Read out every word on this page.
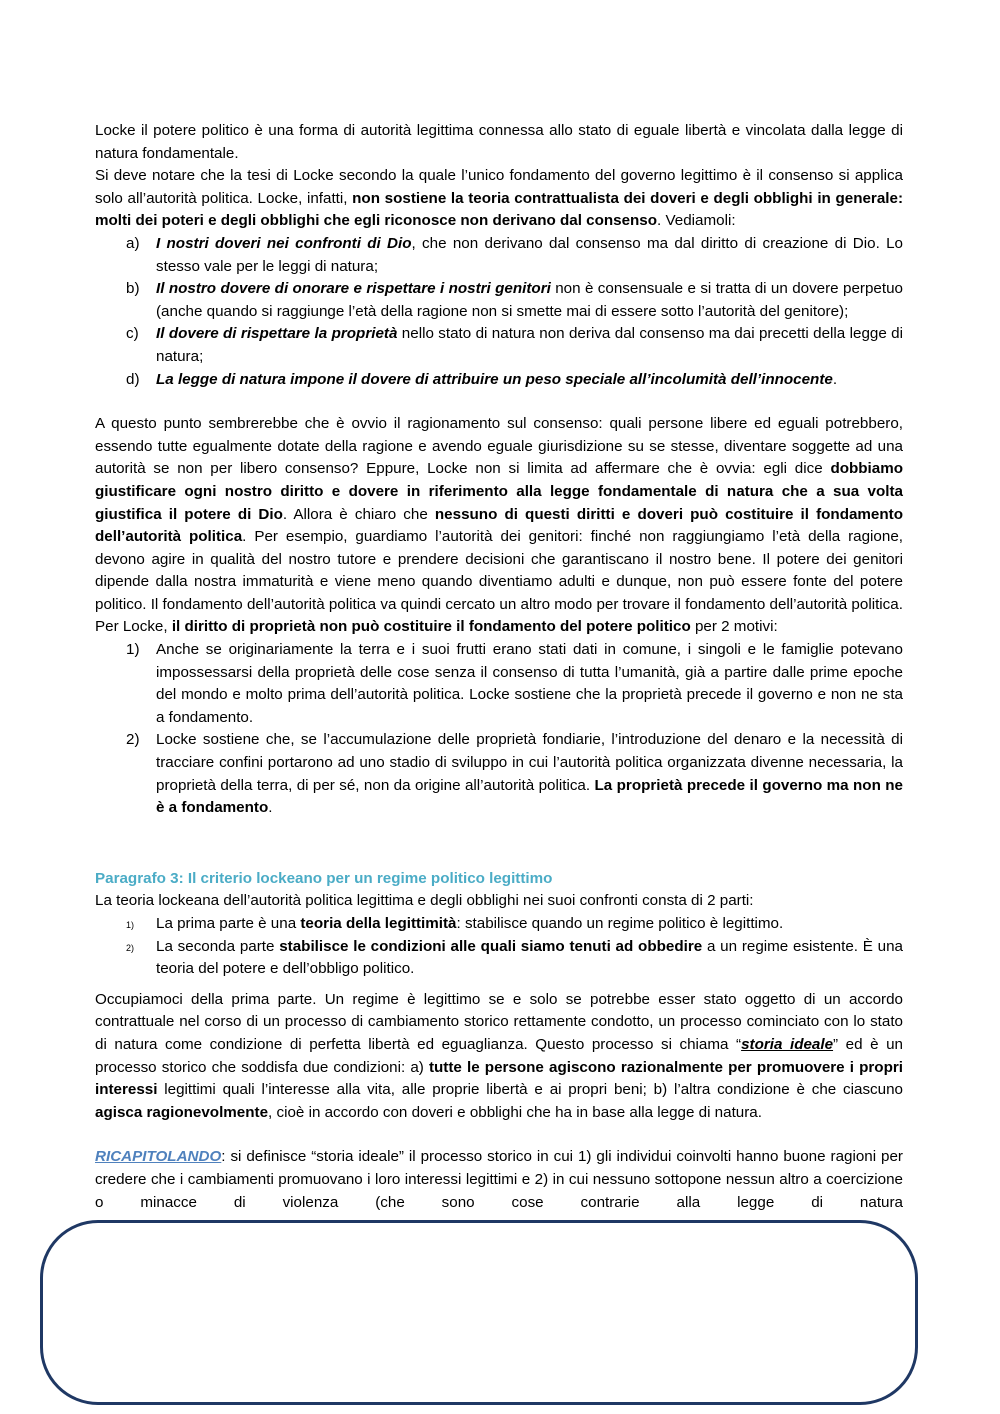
Locke il potere politico è una forma di autorità legittima connessa allo stato di eguale libertà e vincolata dalla legge di natura fondamentale.

Si deve notare che la tesi di Locke secondo la quale l’unico fondamento del governo legittimo è il consenso si applica solo all’autorità politica. Locke, infatti, non sostiene la teoria contrattualista dei doveri e degli obblighi in generale: molti dei poteri e degli obblighi che egli riconosce non derivano dal consenso. Vediamoli:

a) I nostri doveri nei confronti di Dio, che non derivano dal consenso ma dal diritto di creazione di Dio. Lo stesso vale per le leggi di natura;
b) Il nostro dovere di onorare e rispettare i nostri genitori non è consensuale e si tratta di un dovere perpetuo (anche quando si raggiunge l’età della ragione non si smette mai di essere sotto l’autorità del genitore);
c) Il dovere di rispettare la proprietà nello stato di natura non deriva dal consenso ma dai precetti della legge di natura;
d) La legge di natura impone il dovere di attribuire un peso speciale all’incolumità dell’innocente.

A questo punto sembrerebbe che è ovvio il ragionamento sul consenso: quali persone libere ed eguali potrebbero, essendo tutte egualmente dotate della ragione e avendo eguale giurisdizione su se stesse, diventare soggette ad una autorità se non per libero consenso? Eppure, Locke non si limita ad affermare che è ovvia: egli dice dobbiamo giustificare ogni nostro diritto e dovere in riferimento alla legge fondamentale di natura che a sua volta giustifica il potere di Dio. Allora è chiaro che nessuno di questi diritti e doveri può costituire il fondamento dell’autorità politica. Per esempio, guardiamo l’autorità dei genitori: finché non raggiungiamo l’età della ragione, devono agire in qualità del nostro tutore e prendere decisioni che garantiscano il nostro bene. Il potere dei genitori dipende dalla nostra immaturità e viene meno quando diventiamo adulti e dunque, non può essere fonte del potere politico. Il fondamento dell’autorità politica va quindi cercato un altro modo per trovare il fondamento dell’autorità politica.

Per Locke, il diritto di proprietà non può costituire il fondamento del potere politico per 2 motivi:

1) Anche se originariamente la terra e i suoi frutti erano stati dati in comune, i singoli e le famiglie potevano impossessarsi della proprietà delle cose senza il consenso di tutta l’umanità, già a partire dalle prime epoche del mondo e molto prima dell’autorità politica. Locke sostiene che la proprietà precede il governo e non ne sta a fondamento.
2) Locke sostiene che, se l’accumulazione delle proprietà fondiarie, l’introduzione del denaro e la necessità di tracciare confini portarono ad uno stadio di sviluppo in cui l’autorità politica organizzata divenne necessaria, la proprietà della terra, di per sé, non da origine all’autorità politica. La proprietà precede il governo ma non ne è a fondamento.

Paragrafo 3: Il criterio lockeano per un regime politico legittimo

La teoria lockeana dell’autorità politica legittima e degli obblighi nei suoi confronti consta di 2 parti:

1) La prima parte è una teoria della legittimità: stabilisce quando un regime politico è legittimo.
2) La seconda parte stabilisce le condizioni alle quali siamo tenuti ad obbedire a un regime esistente. È una teoria del potere e dell’obbligo politico.

Occupiamoci della prima parte. Un regime è legittimo se e solo se potrebbe esser stato oggetto di un accordo contrattuale nel corso di un processo di cambiamento storico rettamente condotto, un processo cominciato con lo stato di natura come condizione di perfetta libertà ed eguaglianza. Questo processo si chiama “storia ideale” ed è un processo storico che soddisfa due condizioni: a) tutte le persone agiscono razionalmente per promuovere i propri interessi legittimi quali l’interesse alla vita, alle proprie libertà e ai propri beni; b) l’altra condizione è che ciascuno agisca ragionevolmente, cioè in accordo con doveri e obblighi che ha in base alla legge di natura.

RICAPITOLANDO: si definisce “storia ideale” il processo storico in cui 1) gli individui coinvolti hanno buone ragioni per credere che i cambiamenti promuovano i loro interessi legittimi e 2) in cui nessuno sottopone nessun altro a coercizione o minacce di violenza (che sono cose contrarie alla legge di natura
